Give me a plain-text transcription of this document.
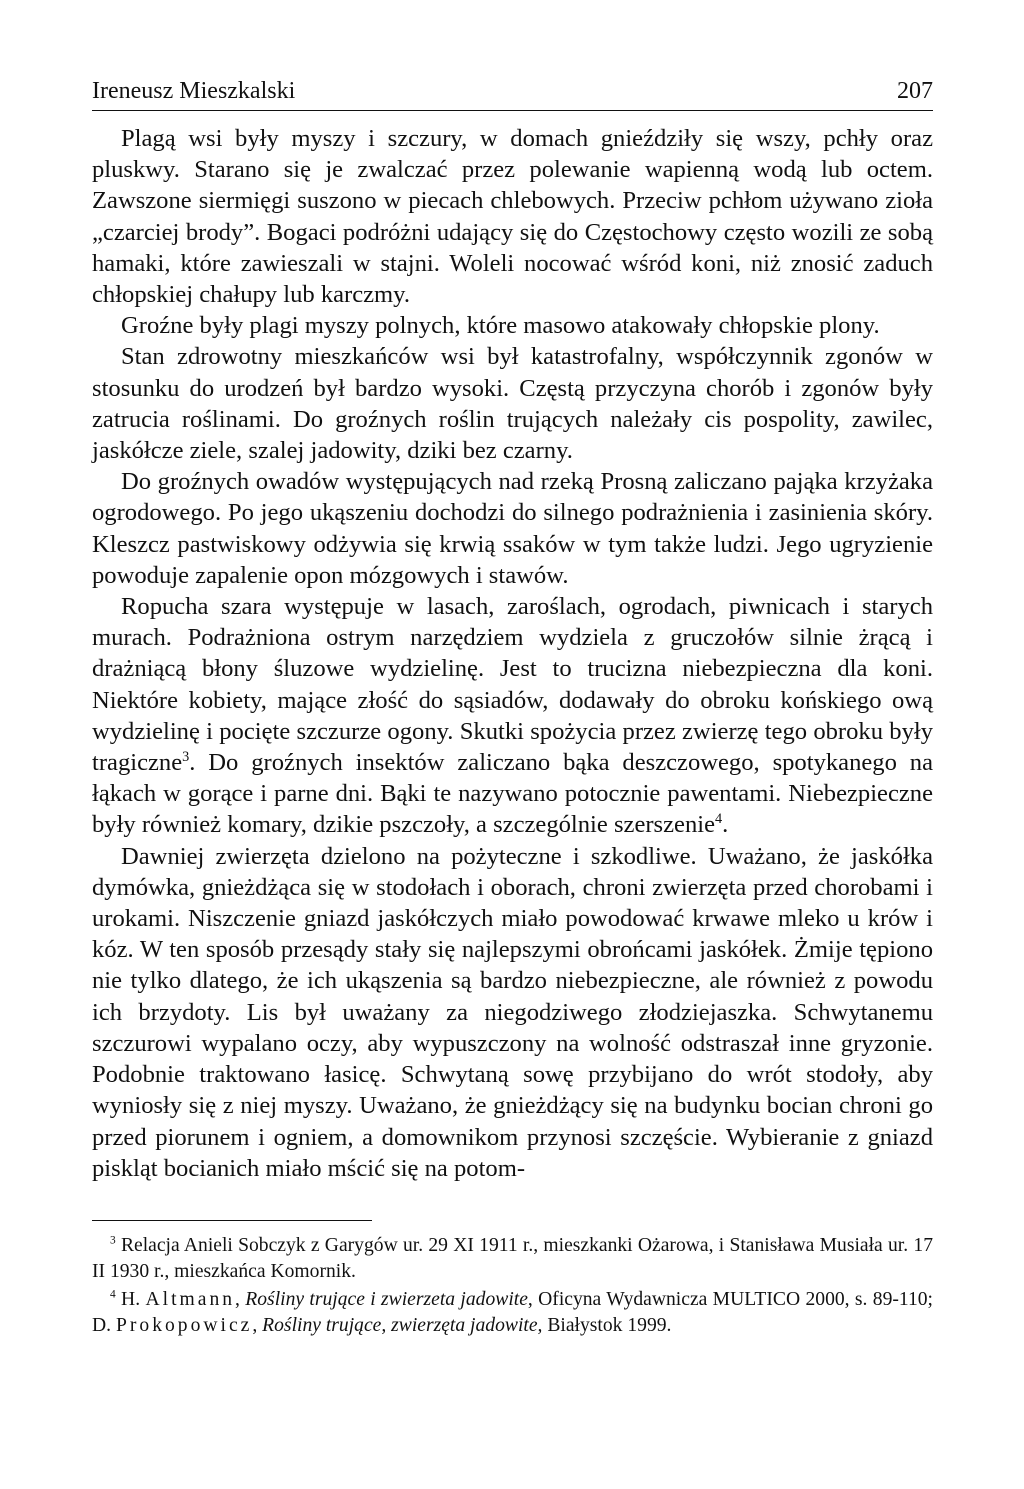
Ireneusz Mieszkalski	207

Plagą wsi były myszy i szczury, w domach gnieździły się wszy, pchły oraz pluskwy. Starano się je zwalczać przez polewanie wapienną wodą lub octem. Zawszone siermięgi suszono w piecach chlebowych. Przeciw pchłom używano zioła „czarciej brody”. Bogaci podróżni udający się do Częstochowy często wozili ze sobą hamaki, które zawieszali w stajni. Woleli nocować wśród koni, niż znosić zaduch chłopskiej chałupy lub karczmy.

Groźne były plagi myszy polnych, które masowo atakowały chłopskie plony.

Stan zdrowotny mieszkańców wsi był katastrofalny, współczynnik zgonów w stosunku do urodzeń był bardzo wysoki. Częstą przyczyna chorób i zgonów były zatrucia roślinami. Do groźnych roślin trujących należały cis pospolity, zawilec, jaskółcze ziele, szalej jadowity, dziki bez czarny.

Do groźnych owadów występujących nad rzeką Prosną zaliczano pająka krzyżaka ogrodowego. Po jego ukąszeniu dochodzi do silnego podrażnienia i zasinienia skóry. Kleszcz pastwiskowy odżywia się krwią ssaków w tym także ludzi. Jego ugryzienie powoduje zapalenie opon mózgowych i stawów.

Ropucha szara występuje w lasach, zaroślach, ogrodach, piwnicach i starych murach. Podrażniona ostrym narzędziem wydziela z gruczołów silnie żrącą i drażniącą błony śluzowe wydzielinę. Jest to trucizna niebezpieczna dla koni. Niektóre kobiety, mające złość do sąsiadów, dodawały do obroku końskiego ową wydzielinę i pocięte szczurze ogony. Skutki spożycia przez zwierzę tego obroku były tragiczne$^3$. Do groźnych insektów zaliczano bąka deszczowego, spotykanego na łąkach w gorące i parne dni. Bąki te nazywano potocznie pawentami. Niebezpieczne były również komary, dzikie pszczoły, a szczególnie szerszenie$^4$.

Dawniej zwierzęta dzielono na pożyteczne i szkodliwe. Uważano, że jaskółka dymówka, gnieżdżąca się w stodołach i oborach, chroni zwierzęta przed chorobami i urokami. Niszczenie gniazd jaskółczych miało powodować krwawe mleko u krów i kóz. W ten sposób przesądy stały się najlepszymi obrońcami jaskółek. Żmije tępiono nie tylko dlatego, że ich ukąszenia są bardzo niebezpieczne, ale również z powodu ich brzydoty. Lis był uważany za niegodziwego złodziejaszka. Schwytanemu szczurowi wypalano oczy, aby wypuszczony na wolność odstraszał inne gryzonie. Podobnie traktowano łasicę. Schwytaną sowę przybijano do wrót stodoły, aby wyniosły się z niej myszy. Uważano, że gnieżdżący się na budynku bocian chroni go przed piorunem i ogniem, a domownikom przynosi szczęście. Wybieranie z gniazd piskląt bocianich miało mścić się na potom-

$^3$ Relacja Anieli Sobczyk z Garygów ur. 29 XI 1911 r., mieszkanki Ożarowa, i Stanisława Musiała ur. 17 II 1930 r., mieszkańca Komornik.

$^4$ H. Altmann, Rośliny trujące i zwierzeta jadowite, Oficyna Wydawnicza MULTICO 2000, s. 89-110; D. Prokopowicz, Rośliny trujące, zwierzęta jadowite, Białystok 1999.
